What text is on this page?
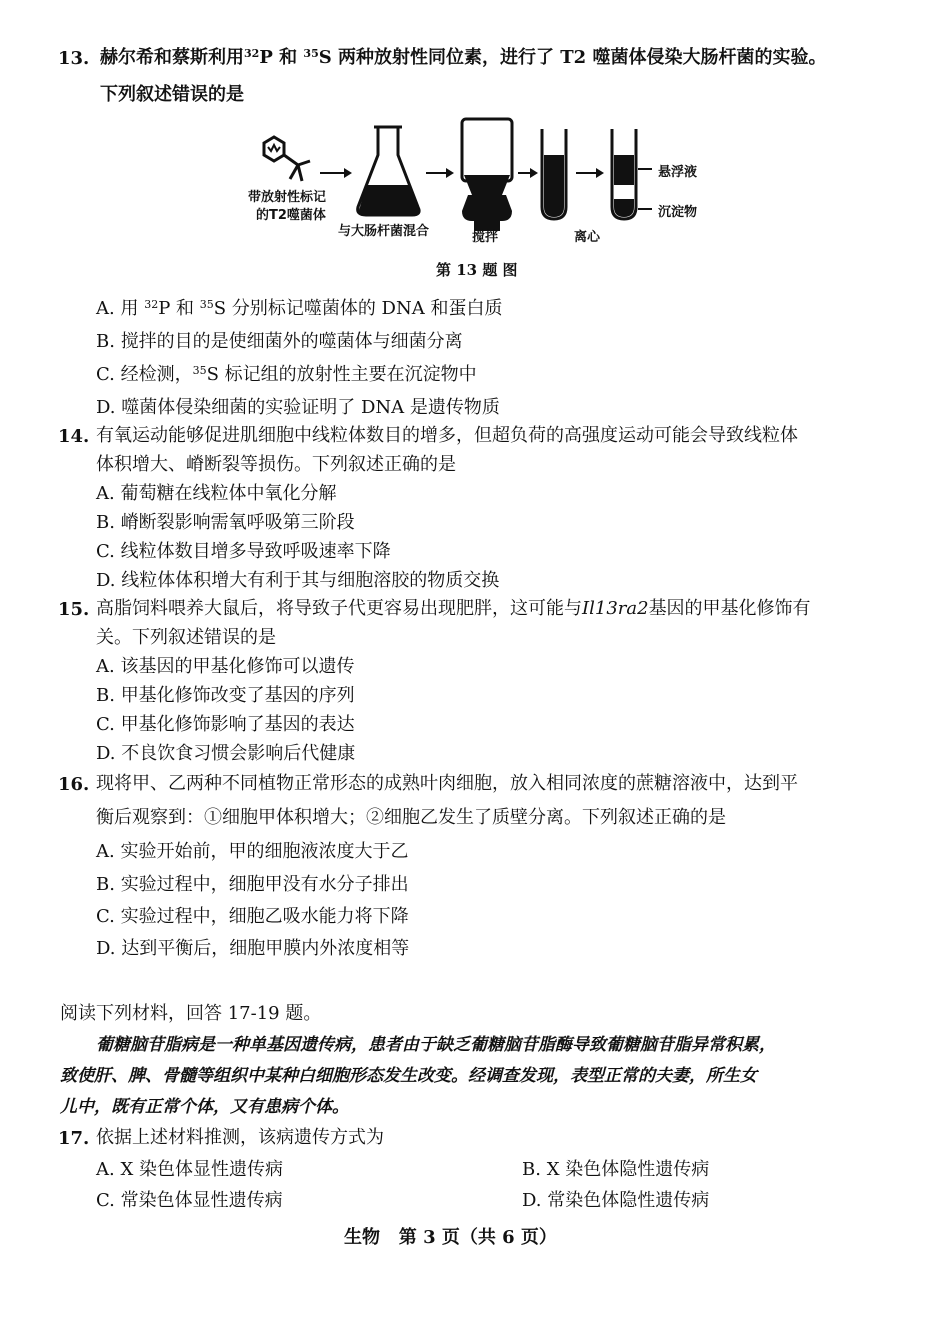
13. 赫尔希和蔡斯利用$^{32}$P 和 $^{35}$S 两种放射性同位素，进行了 T2 噬菌体侵染大肠杆菌的实验。
下列叙述错误的是
带放射性标记
的T2噬菌体
与大肠杆菌混合	搅拌	离心
悬浮液
沉淀物
第 13 题 图
A. 用 $^{32}$P 和 $^{35}$S 分别标记噬菌体的 DNA 和蛋白质
B. 搅拌的目的是使细菌外的噬菌体与细菌分离
C. 经检测，$^{35}$S 标记组的放射性主要在沉淀物中
D. 噬菌体侵染细菌的实验证明了 DNA 是遗传物质
14. 有氧运动能够促进肌细胞中线粒体数目的增多，但超负荷的高强度运动可能会导致线粒体
体积增大、嵴断裂等损伤。下列叙述正确的是
A. 葡萄糖在线粒体中氧化分解
B. 嵴断裂影响需氧呼吸第三阶段
C. 线粒体数目增多导致呼吸速率下降
D. 线粒体体积增大有利于其与细胞溶胶的物质交换
15. 高脂饲料喂养大鼠后，将导致子代更容易出现肥胖，这可能与Il13ra2基因的甲基化修饰有
关。下列叙述错误的是
A. 该基因的甲基化修饰可以遗传
B. 甲基化修饰改变了基因的序列
C. 甲基化修饰影响了基因的表达
D. 不良饮食习惯会影响后代健康
16. 现将甲、乙两种不同植物正常形态的成熟叶肉细胞，放入相同浓度的蔗糖溶液中，达到平
衡后观察到：①细胞甲体积增大；②细胞乙发生了质壁分离。下列叙述正确的是
A. 实验开始前，甲的细胞液浓度大于乙
B. 实验过程中，细胞甲没有水分子排出
C. 实验过程中，细胞乙吸水能力将下降
D. 达到平衡后，细胞甲膜内外浓度相等
阅读下列材料，回答 17-19 题。
葡糖脑苷脂病是一种单基因遗传病，患者由于缺乏葡糖脑苷脂酶导致葡糖脑苷脂异常积累，
致使肝、脾、骨髓等组织中某种白细胞形态发生改变。经调查发现，表型正常的夫妻，所生女
儿中，既有正常个体，又有患病个体。
17. 依据上述材料推测，该病遗传方式为
A. X 染色体显性遗传病	B. X 染色体隐性遗传病
C. 常染色体显性遗传病	D. 常染色体隐性遗传病
生物   第 3 页（共 6 页）
